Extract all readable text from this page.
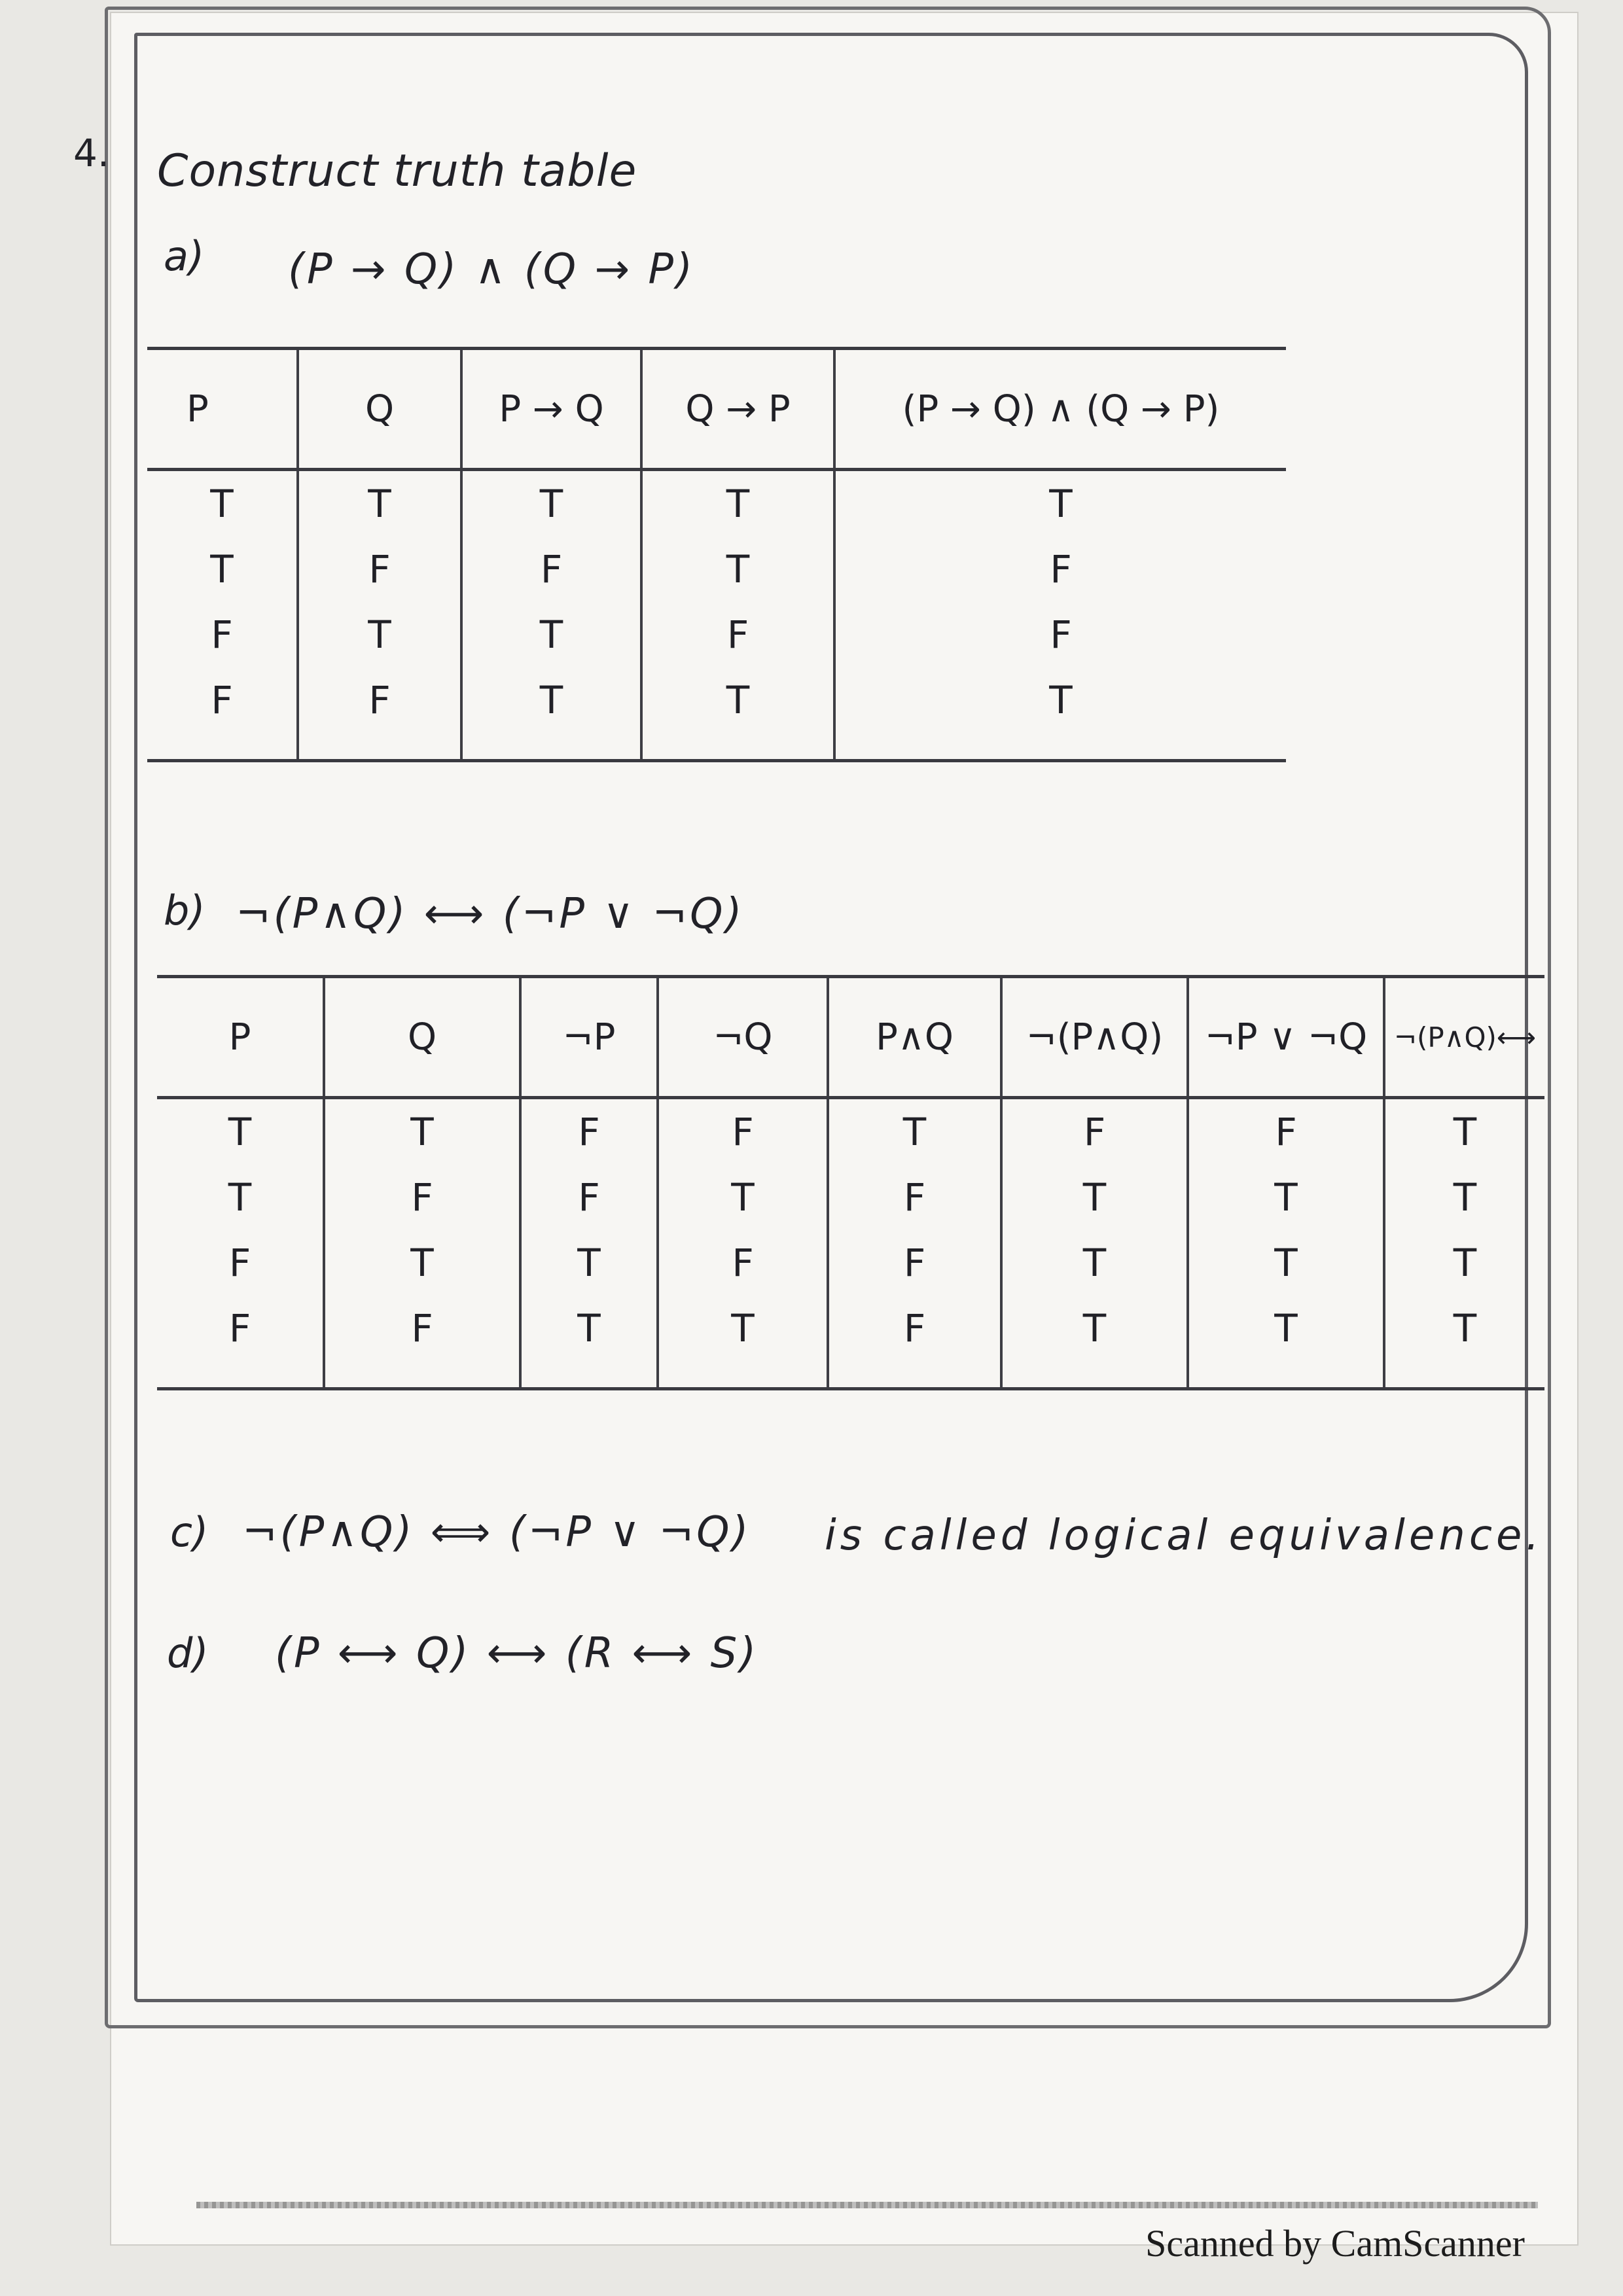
4. Construct truth table
a) (P → Q) ∧ (Q → P)
P	Q	P → Q	Q → P	(P → Q) ∧ (Q → P)
T	T	T	T	T
T	F	F	T	F
F	T	T	F	F
F	F	T	T	T

b) ¬(P∧Q) ⟷ (¬P ∨ ¬Q)
P	Q	¬P	¬Q	P∧Q	¬(P∧Q)	¬P ∨ ¬Q	¬(P∧Q)⟷
T	T	F	F	T	F	F	T
T	F	F	T	F	T	T	T
F	T	T	F	F	T	T	T
F	F	T	T	F	T	T	T

c) ¬(P∧Q) ⟺ (¬P ∨ ¬Q) is called logical equivalence.
d) (P ⟷ Q) ⟷ (R ⟷ S)
Scanned by CamScanner
